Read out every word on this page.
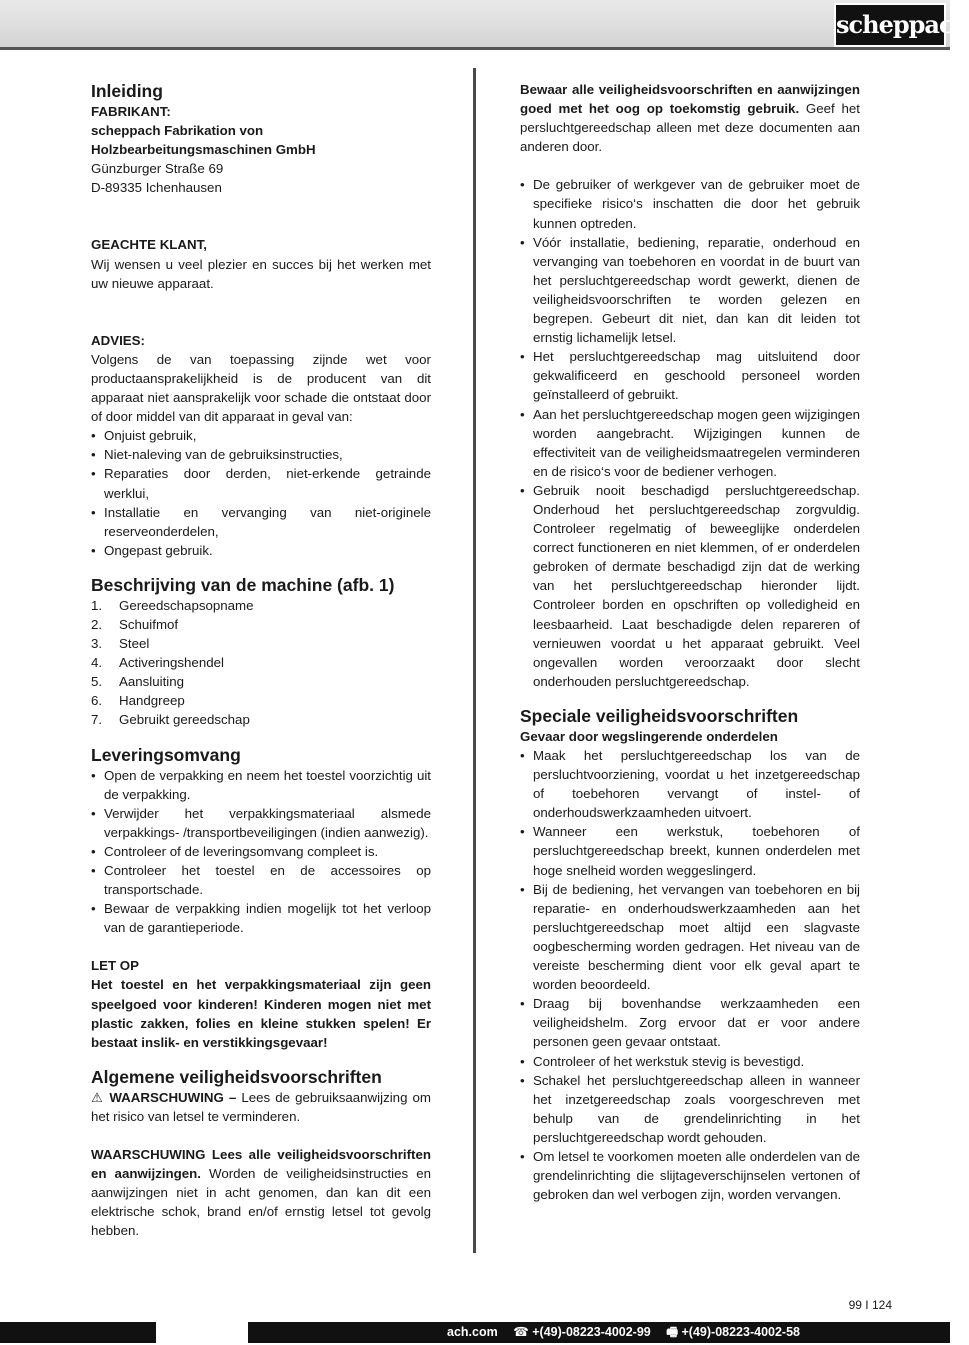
scheppach
Inleiding

FABRIKANT:

scheppach Fabrikation von

Holzbearbeitungsmaschinen GmbH

Günzburger Straße 69

D-89335 Ichenhausen

GEACHTE KLANT,

Wij wensen u veel plezier en succes bij het werken met uw nieuwe apparaat.

ADVIES:

Volgens de van toepassing zijnde wet voor productaansprakelijkheid is de producent van dit apparaat niet aansprakelijk voor schade die ontstaat door of door middel van dit apparaat in geval van:

• Onjuist gebruik,
• Niet-naleving van de gebruiksinstructies,
• Reparaties door derden, niet-erkende getrainde werklui,
• Installatie en vervanging van niet-originele reserveonderdelen,
• Ongepast gebruik.
Beschrijving van de machine (afb. 1)
1. Gereedschapsopname
2. Schuifmof
3. Steel
4. Activeringshendel
5. Aansluiting
6. Handgreep
7. Gebruikt gereedschap
Leveringsomvang
• Open de verpakking en neem het toestel voorzichtig uit de verpakking.
• Verwijder het verpakkingsmateriaal alsmede verpakkings- /transportbeveiligingen (indien aanwezig).
• Controleer of de leveringsomvang compleet is.
• Controleer het toestel en de accessoires op transportschade.
• Bewaar de verpakking indien mogelijk tot het verloop van de garantieperiode.

LET OP

Het toestel en het verpakkingsmateriaal zijn geen speelgoed voor kinderen! Kinderen mogen niet met plastic zakken, folies en kleine stukken spelen! Er bestaat inslik- en verstikkingsgevaar!

Algemene veiligheidsvoorschriften

⚠ WAARSCHUWING – Lees de gebruiksaanwijzing om het risico van letsel te verminderen.

WAARSCHUWING Lees alle veiligheidsvoorschriften en aanwijzingen. Worden de veiligheidsinstructies en aanwijzingen niet in acht genomen, dan kan dit een elektrische schok, brand en/of ernstig letsel tot gevolg hebben.

Bewaar alle veiligheidsvoorschriften en aanwijzingen goed met het oog op toekomstig gebruik. Geef het persluchtgereedschap alleen met deze documenten aan anderen door.

• De gebruiker of werkgever van de gebruiker moet de specifieke risico‘s inschatten die door het gebruik kunnen optreden.
• Vóór installatie, bediening, reparatie, onderhoud en vervanging van toebehoren en voordat in de buurt van het persluchtgereedschap wordt gewerkt, dienen de veiligheidsvoorschriften te worden gelezen en begrepen. Gebeurt dit niet, dan kan dit leiden tot ernstig lichamelijk letsel.
• Het persluchtgereedschap mag uitsluitend door gekwalificeerd en geschoold personeel worden geïnstalleerd of gebruikt.
• Aan het persluchtgereedschap mogen geen wijzigingen worden aangebracht. Wijzigingen kunnen de effectiviteit van de veiligheidsmaatregelen verminderen en de risico‘s voor de bediener verhogen.
• Gebruik nooit beschadigd persluchtgereedschap. Onderhoud het persluchtgereedschap zorgvuldig. Controleer regelmatig of beweeglijke onderdelen correct functioneren en niet klemmen, of er onderdelen gebroken of dermate beschadigd zijn dat de werking van het persluchtgereedschap hieronder lijdt. Controleer borden en opschriften op volledigheid en leesbaarheid. Laat beschadigde delen repareren of vernieuwen voordat u het apparaat gebruikt. Veel ongevallen worden veroorzaakt door slecht onderhouden persluchtgereedschap.
Speciale veiligheidsvoorschriften

Gevaar door wegslingerende onderdelen

• Maak het persluchtgereedschap los van de persluchtvoorziening, voordat u het inzetgereedschap of toebehoren vervangt of instel- of onderhoudswerkzaamheden uitvoert.
• Wanneer een werkstuk, toebehoren of persluchtgereedschap breekt, kunnen onderdelen met hoge snelheid worden weggeslingerd.
• Bij de bediening, het vervangen van toebehoren en bij reparatie- en onderhoudswerkzaamheden aan het persluchtgereedschap moet altijd een slagvaste oogbescherming worden gedragen. Het niveau van de vereiste bescherming dient voor elk geval apart te worden beoordeeld.
• Draag bij bovenhandse werkzaamheden een veiligheidshelm. Zorg ervoor dat er voor andere personen geen gevaar ontstaat.
• Controleer of het werkstuk stevig is bevestigd.
• Schakel het persluchtgereedschap alleen in wanneer het inzetgereedschap zoals voorgeschreven met behulp van de grendelinrichting in het persluchtgereedschap wordt gehouden.
• Om letsel te voorkomen moeten alle onderdelen van de grendelinrichting die slijtageverschijnselen vertonen of gebroken dan wel verbogen zijn, worden vervangen.
99 I 124
ach.com ☎ +(49)-08223-4002-99 🖷 +(49)-08223-4002-58
